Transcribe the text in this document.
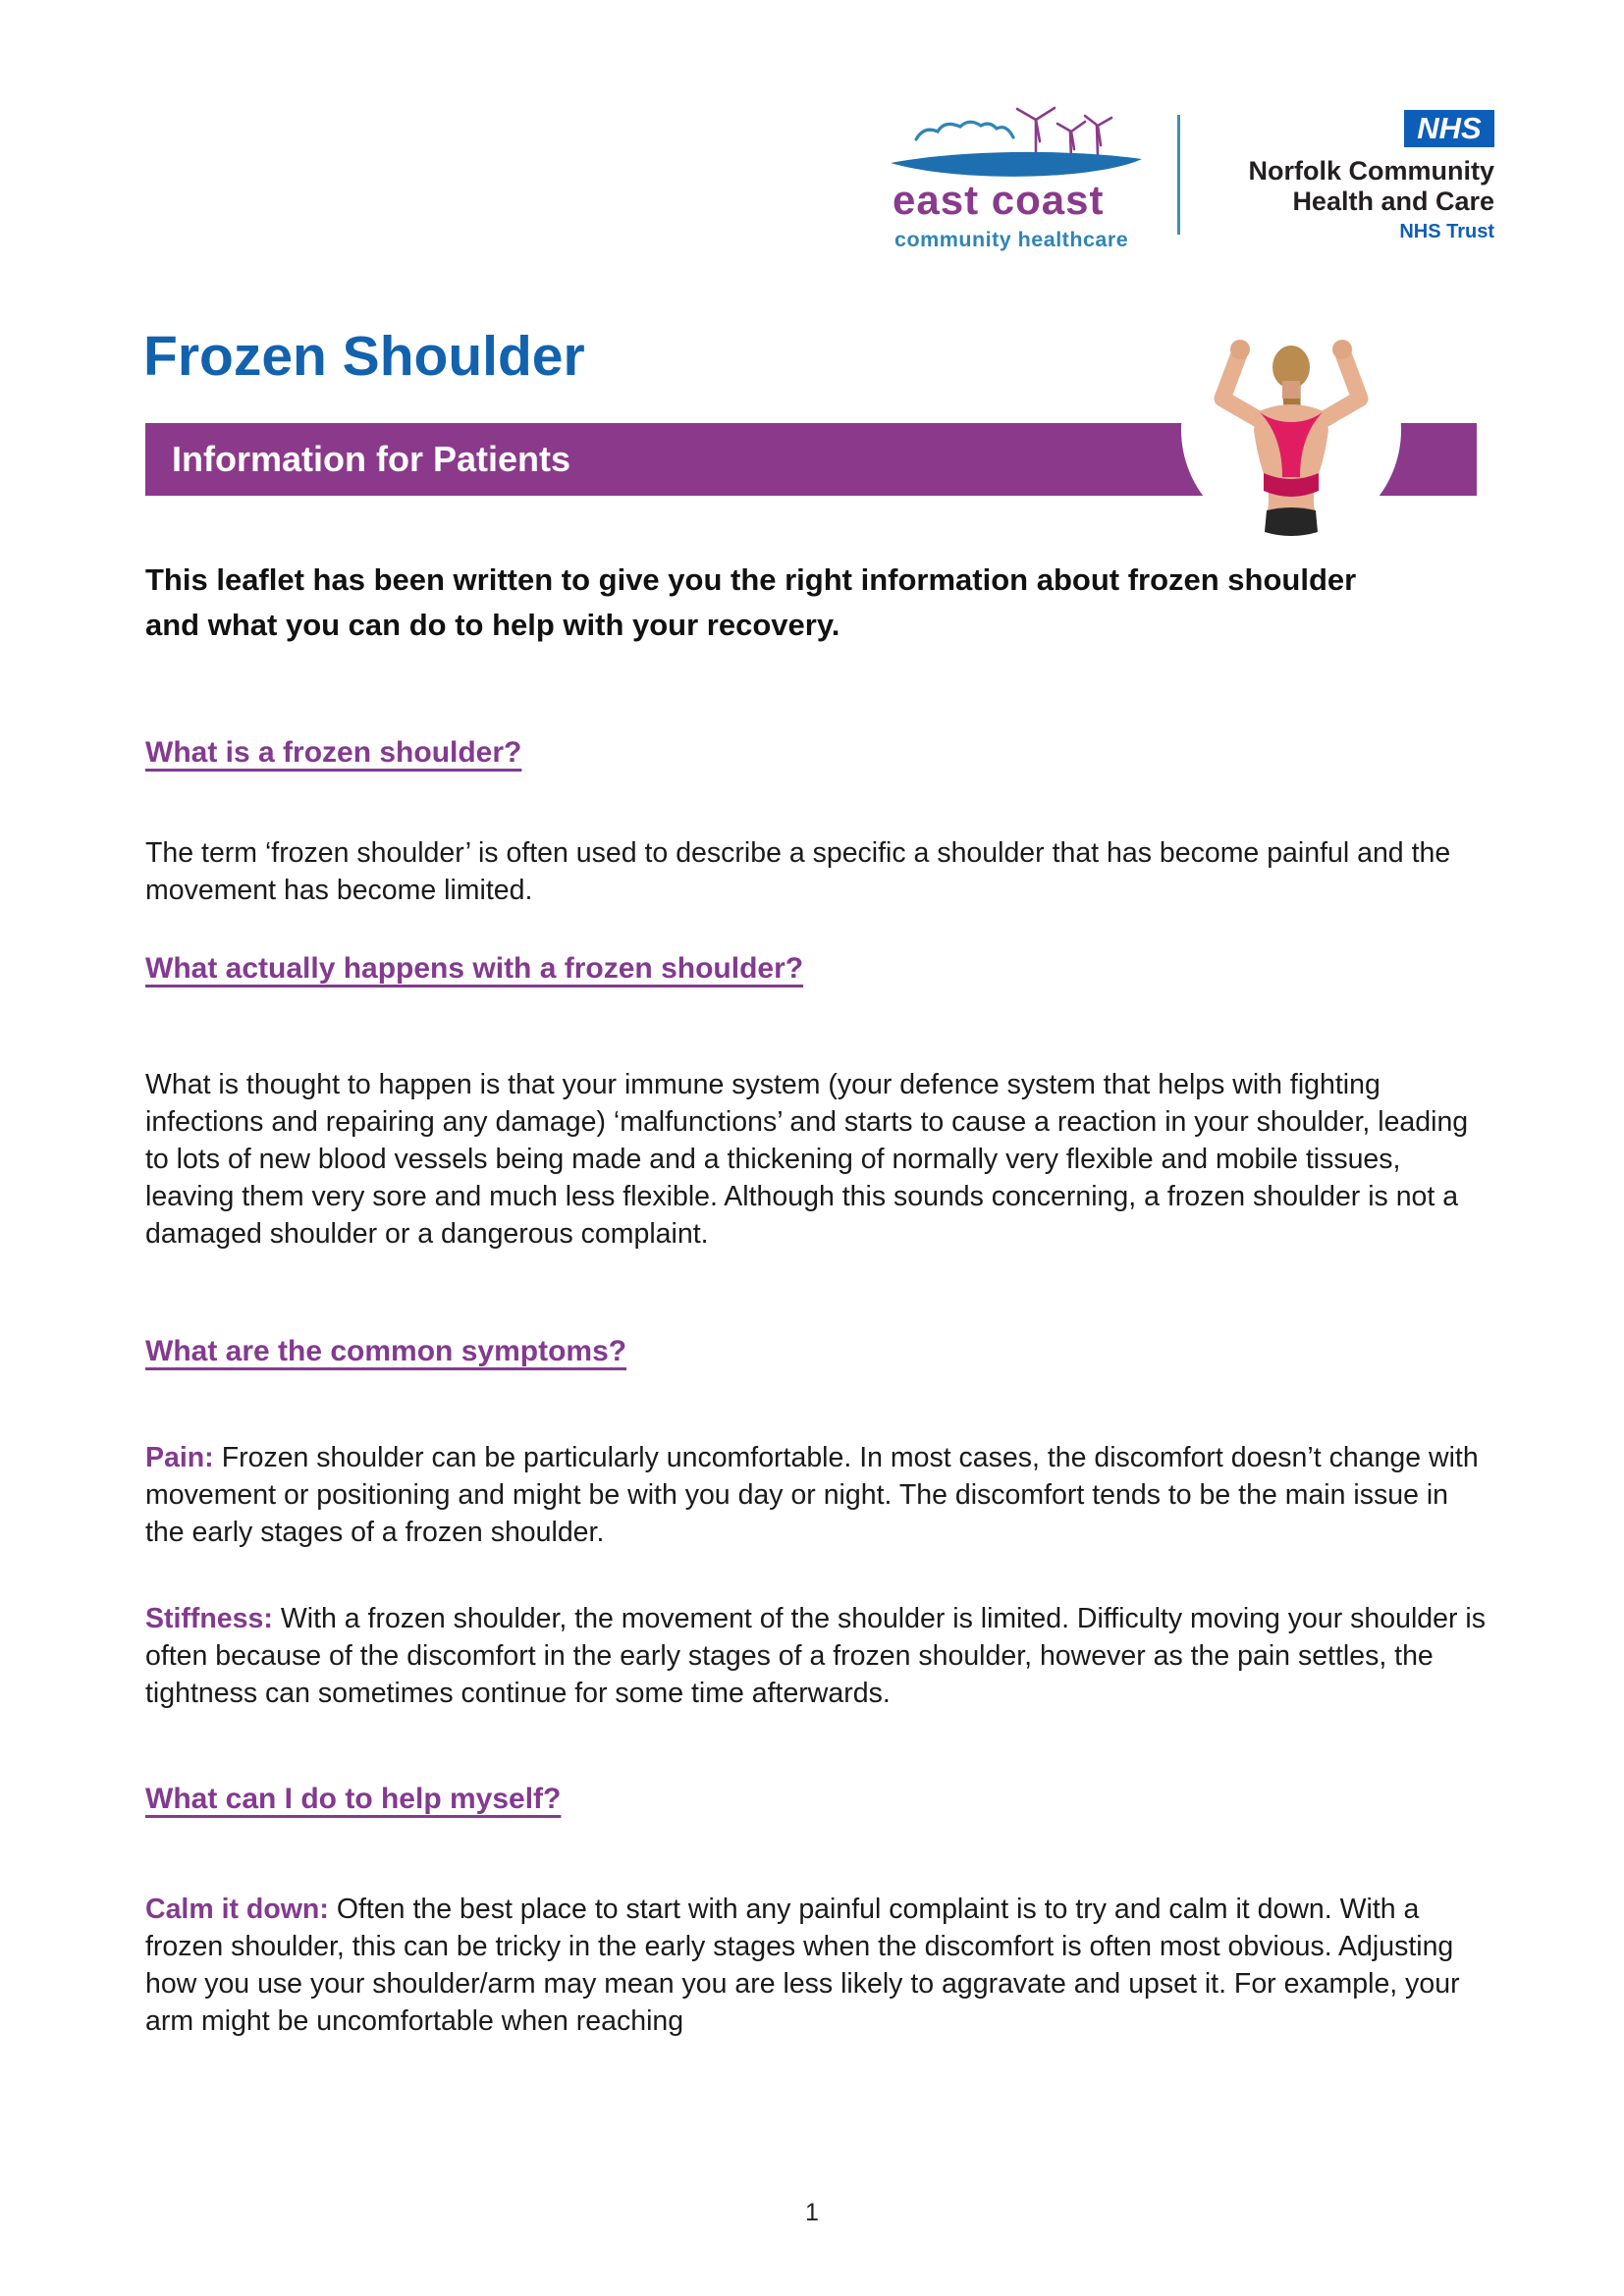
east coast
community healthcare
NHS
Norfolk Community
Health and Care
NHS Trust
Frozen Shoulder
Information for Patients

This leaflet has been written to give you the right information about frozen shoulder and what you can do to help with your recovery.

What is a frozen shoulder?

The term ‘frozen shoulder’ is often used to describe a specific a shoulder that has become painful and the movement has become limited.

What actually happens with a frozen shoulder?

What is thought to happen is that your immune system (your defence system that helps with fighting infections and repairing any damage) ‘malfunctions’ and starts to cause a reaction in your shoulder, leading to lots of new blood vessels being made and a thickening of normally very flexible and mobile tissues, leaving them very sore and much less flexible. Although this sounds concerning, a frozen shoulder is not a damaged shoulder or a dangerous complaint.

What are the common symptoms?

Pain: Frozen shoulder can be particularly uncomfortable. In most cases, the discomfort doesn’t change with movement or positioning and might be with you day or night. The discomfort tends to be the main issue in the early stages of a frozen shoulder.

Stiffness: With a frozen shoulder, the movement of the shoulder is limited. Difficulty moving your shoulder is often because of the discomfort in the early stages of a frozen shoulder, however as the pain settles, the tightness can sometimes continue for some time afterwards.

What can I do to help myself?

Calm it down: Often the best place to start with any painful complaint is to try and calm it down. With a frozen shoulder, this can be tricky in the early stages when the discomfort is often most obvious. Adjusting how you use your shoulder/arm may mean you are less likely to aggravate and upset it. For example, your arm might be uncomfortable when reaching

1
